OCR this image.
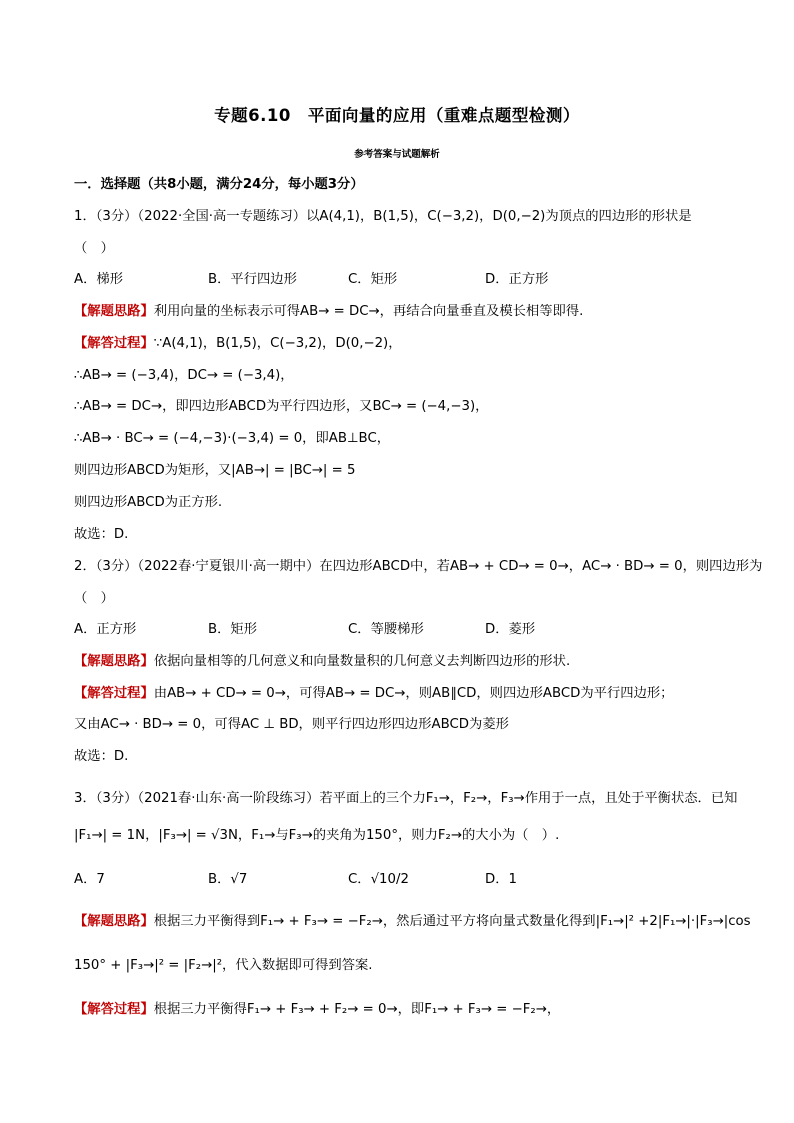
专题6.10　平面向量的应用（重难点题型检测）
参考答案与试题解析
一．选择题（共8小题，满分24分，每小题3分）
1．（3分）（2022·全国·高一专题练习）以A(4,1)，B(1,5)，C(−3,2)，D(0,−2)为顶点的四边形的形状是
（　）
A．梯形	B．平行四边形	C．矩形	D．正方形
【解题思路】利用向量的坐标表示可得AB→ = DC→，再结合向量垂直及模长相等即得.
【解答过程】∵A(4,1)，B(1,5)，C(−3,2)，D(0,−2)，
∴AB→ = (−3,4)，DC→ = (−3,4)，
∴AB→ = DC→，即四边形ABCD为平行四边形，又BC→ = (−4,−3)，
∴AB→ · BC→ = (−4,−3)·(−3,4) = 0，即AB⊥BC，
则四边形ABCD为矩形，又|AB→| = |BC→| = 5
则四边形ABCD为正方形.
故选：D.
2．（3分）（2022春·宁夏银川·高一期中）在四边形ABCD中，若AB→ + CD→ = 0→，AC→ · BD→ = 0，则四边形为
（　）
A．正方形	B．矩形	C．等腰梯形	D．菱形
【解题思路】依据向量相等的几何意义和向量数量积的几何意义去判断四边形的形状.
【解答过程】由AB→ + CD→ = 0→，可得AB→ = DC→，则AB∥CD，则四边形ABCD为平行四边形；
又由AC→ · BD→ = 0，可得AC ⊥ BD，则平行四边形四边形ABCD为菱形
故选：D.
3．（3分）（2021春·山东·高一阶段练习）若平面上的三个力F₁→，F₂→，F₃→作用于一点，且处于平衡状态．已知
|F₁→| = 1N，|F₃→| = √3N，F₁→与F₃→的夹角为150°，则力F₂→的大小为（　）.
A．7	B．√7	C．√10/2	D．1
【解题思路】根据三力平衡得到F₁→ + F₃→ = −F₂→，然后通过平方将向量式数量化得到|F₁→|² +2|F₁→|·|F₃→|cos
150° + |F₃→|² = |F₂→|²，代入数据即可得到答案.
【解答过程】根据三力平衡得F₁→ + F₃→ + F₂→ = 0→，即F₁→ + F₃→ = −F₂→，
